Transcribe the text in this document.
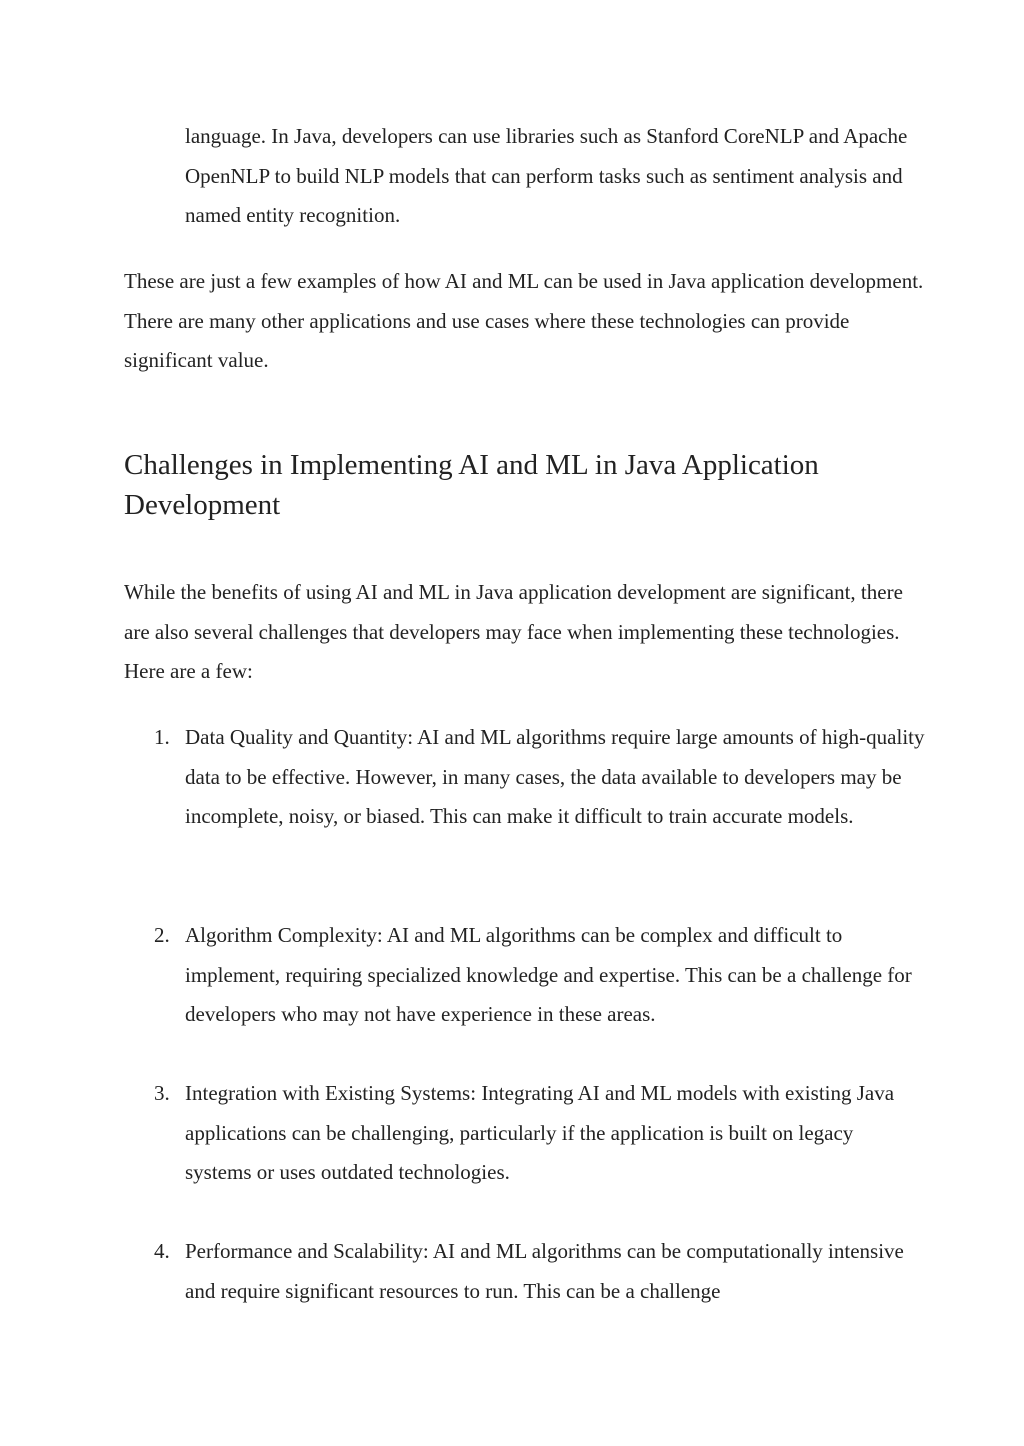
language. In Java, developers can use libraries such as Stanford CoreNLP and Apache OpenNLP to build NLP models that can perform tasks such as sentiment analysis and named entity recognition.

These are just a few examples of how AI and ML can be used in Java application development. There are many other applications and use cases where these technologies can provide significant value.

Challenges in Implementing AI and ML in Java Application Development

While the benefits of using AI and ML in Java application development are significant, there are also several challenges that developers may face when implementing these technologies. Here are a few:

1. Data Quality and Quantity: AI and ML algorithms require large amounts of high-quality data to be effective. However, in many cases, the data available to developers may be incomplete, noisy, or biased. This can make it difficult to train accurate models.

2. Algorithm Complexity: AI and ML algorithms can be complex and difficult to implement, requiring specialized knowledge and expertise. This can be a challenge for developers who may not have experience in these areas.

3. Integration with Existing Systems: Integrating AI and ML models with existing Java applications can be challenging, particularly if the application is built on legacy systems or uses outdated technologies.

4. Performance and Scalability: AI and ML algorithms can be computationally intensive and require significant resources to run. This can be a challenge
